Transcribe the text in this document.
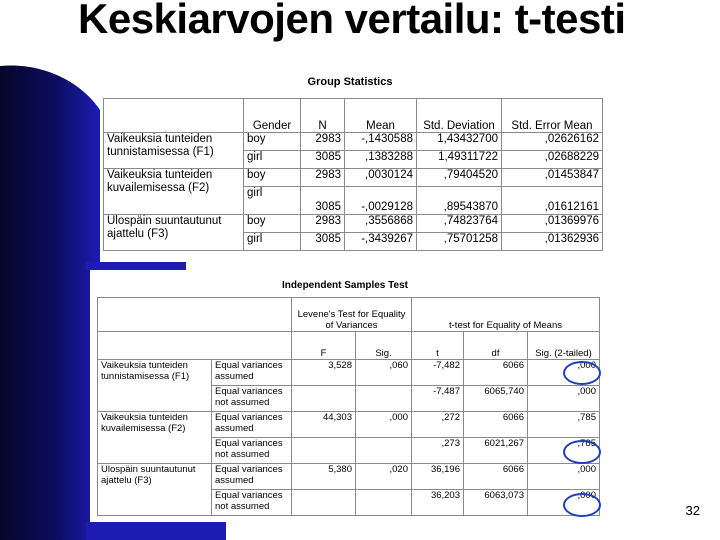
Keskiarvojen vertailu: t-testi
Group Statistics
	Gender	N	Mean	Std. Deviation	Std. Error Mean
Vaikeuksia tunteiden tunnistamisessa (F1)	boy	2983	-,1430588	1,43432700	,02626162
	girl	3085	,1383288	1,49311722	,02688229
Vaikeuksia tunteiden kuvailemisessa (F2)	boy	2983	,0030124	,79404520	,01453847
	girl	3085	-,0029128	,89543870	,01612161
Ulospäin suuntautunut ajattelu (F3)	boy	2983	,3556868	,74823764	,01369976
	girl	3085	-,3439267	,75701258	,01362936
Independent Samples Test
		Levene's Test for Equality of Variances		t-test for Equality of Means		
		F	Sig.	t	df	Sig. (2-tailed)
Vaikeuksia tunteiden tunnistamisessa (F1)	Equal variances assumed	3,528	,060	-7,482	6066	,000
	Equal variances not assumed			-7,487	6065,740	,000
Vaikeuksia tunteiden kuvailemisessa (F2)	Equal variances assumed	44,303	,000	,272	6066	,785
	Equal variances not assumed			,273	6021,267	,785
Ulospäin suuntautunut ajattelu (F3)	Equal variances assumed	5,380	,020	36,196	6066	,000
	Equal variances not assumed			36,203	6063,073	,000
32
